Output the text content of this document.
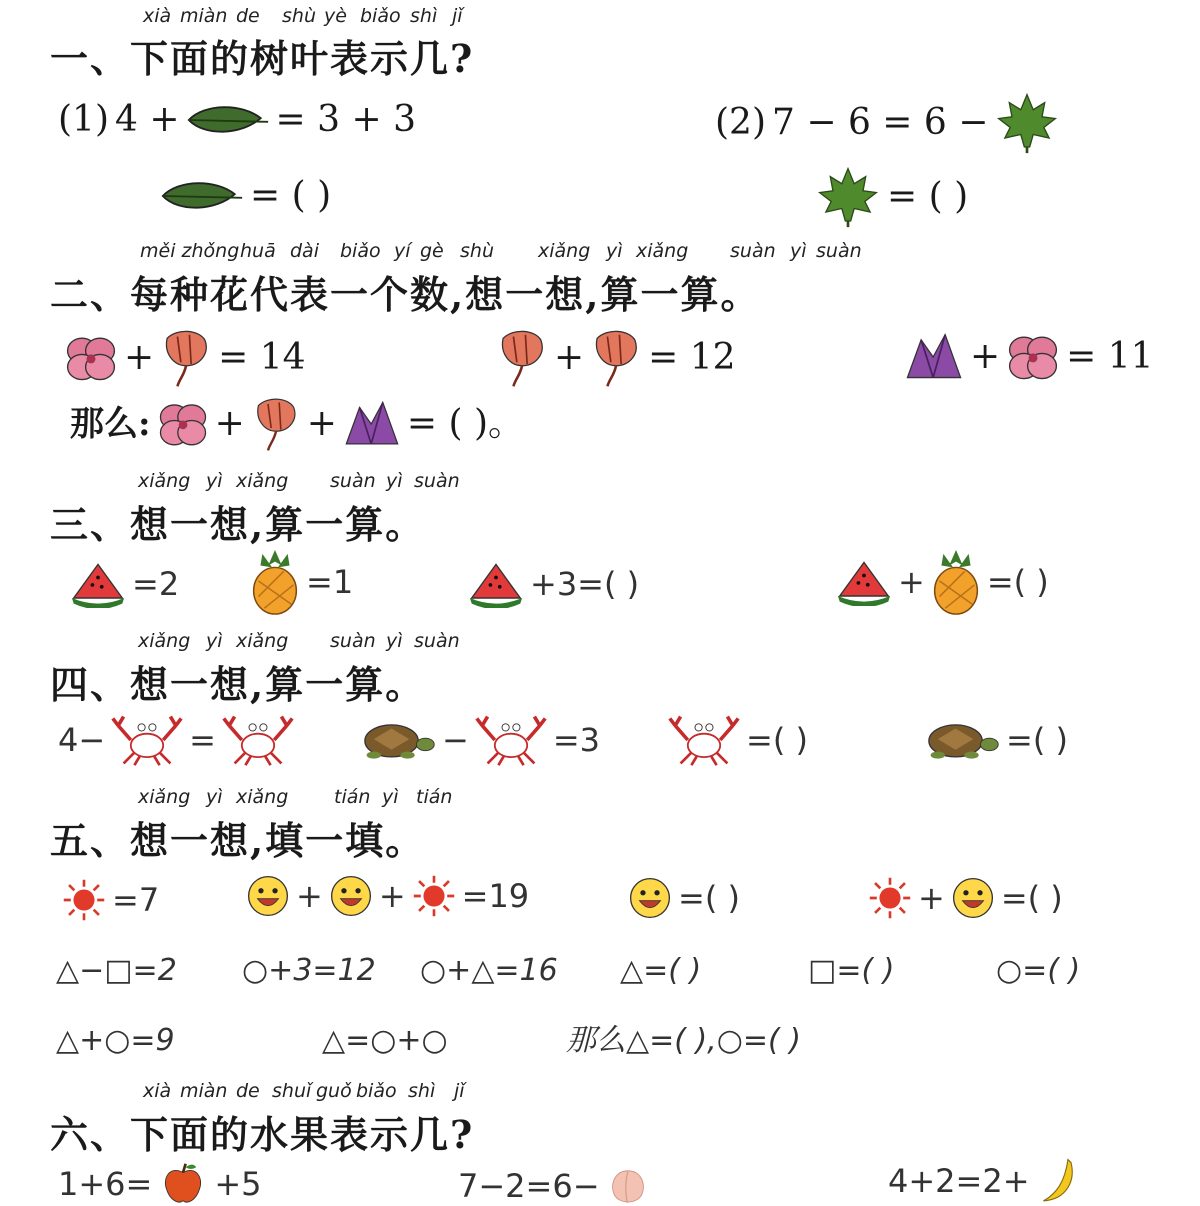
xià miàn de shù yè biǎo shì jǐ
一、下面的树叶表示几?
(1) 4 +	= 3 + 3
= ( )
(2) 7 − 6 = 6 −
= ( )
měi zhǒng huā dài biǎo yí gè shù xiǎng yì xiǎng suàn yì suàn
二、每种花代表一个数,想一想,算一算。
+ = 14	+ = 12	+ = 11
那么: + + = ( )。
xiǎng yì xiǎng suàn yì suàn
三、想一想,算一算。
=2	=1	+3=( )	+ =( )
xiǎng yì xiǎng suàn yì suàn
四、想一想,算一算。
4−	=	−	=3	=( )	=( )
xiǎng yì xiǎng tián yì tián
五、想一想,填一填。
=7	+ + =19	=( )	+ =( )
△−□=2 ○+3=12 ○+△=16 △=( )	□=( )	○=( )
△+○=9	△=○+○	那么△=( ),○=( )
xià miàn de shuǐ guǒ biǎo shì jǐ
六、下面的水果表示几?
1+6= +5	7−2=6−	4+2=2+
